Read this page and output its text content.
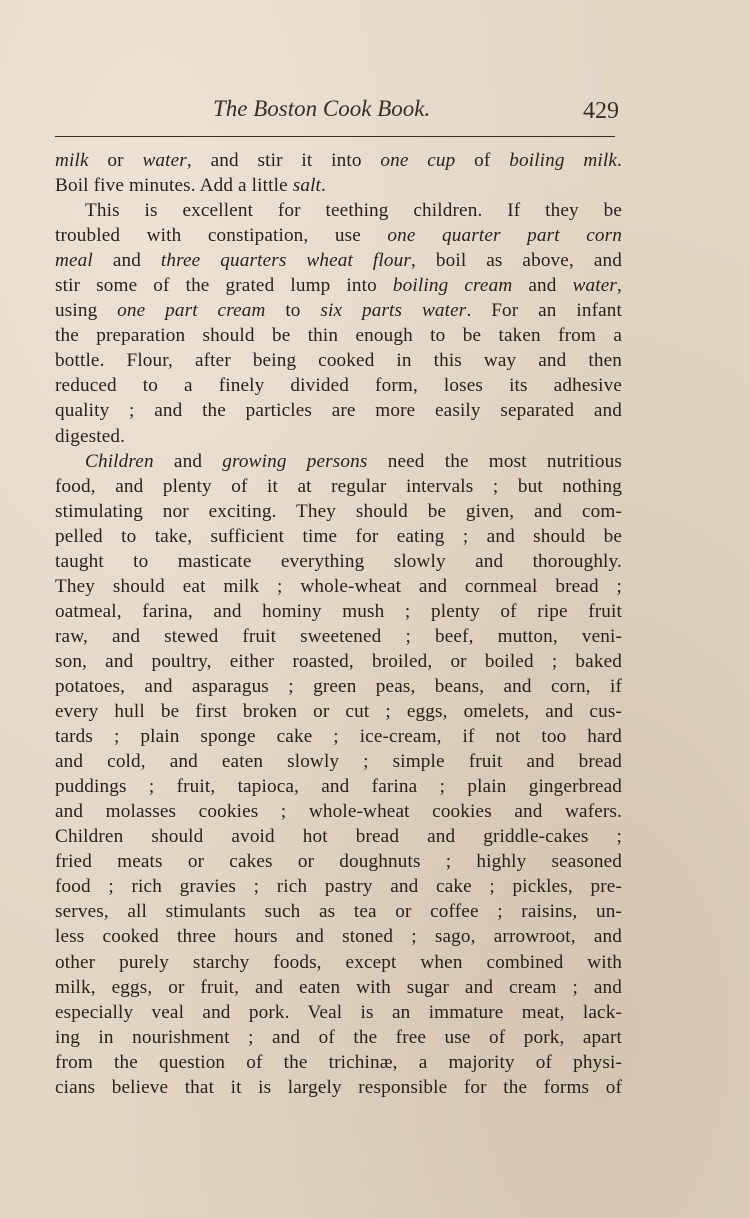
The Boston Cook Book.	429
milk or water, and stir it into one cup of boiling milk.
Boil five minutes. Add a little salt.
This is excellent for teething children. If they be
troubled with constipation, use one quarter part corn
meal and three quarters wheat flour, boil as above, and
stir some of the grated lump into boiling cream and water,
using one part cream to six parts water. For an infant
the preparation should be thin enough to be taken from a
bottle. Flour, after being cooked in this way and then
reduced to a finely divided form, loses its adhesive
quality ; and the particles are more easily separated and
digested.
Children and growing persons need the most nutritious
food, and plenty of it at regular intervals ; but nothing
stimulating nor exciting. They should be given, and com-
pelled to take, sufficient time for eating ; and should be
taught to masticate everything slowly and thoroughly.
They should eat milk ; whole-wheat and cornmeal bread ;
oatmeal, farina, and hominy mush ; plenty of ripe fruit
raw, and stewed fruit sweetened ; beef, mutton, veni-
son, and poultry, either roasted, broiled, or boiled ; baked
potatoes, and asparagus ; green peas, beans, and corn, if
every hull be first broken or cut ; eggs, omelets, and cus-
tards ; plain sponge cake ; ice-cream, if not too hard
and cold, and eaten slowly ; simple fruit and bread
puddings ; fruit, tapioca, and farina ; plain gingerbread
and molasses cookies ; whole-wheat cookies and wafers.
Children should avoid hot bread and griddle-cakes ;
fried meats or cakes or doughnuts ; highly seasoned
food ; rich gravies ; rich pastry and cake ; pickles, pre-
serves, all stimulants such as tea or coffee ; raisins, un-
less cooked three hours and stoned ; sago, arrowroot, and
other purely starchy foods, except when combined with
milk, eggs, or fruit, and eaten with sugar and cream ; and
especially veal and pork. Veal is an immature meat, lack-
ing in nourishment ; and of the free use of pork, apart
from the question of the trichinæ, a majority of physi-
cians believe that it is largely responsible for the forms of
